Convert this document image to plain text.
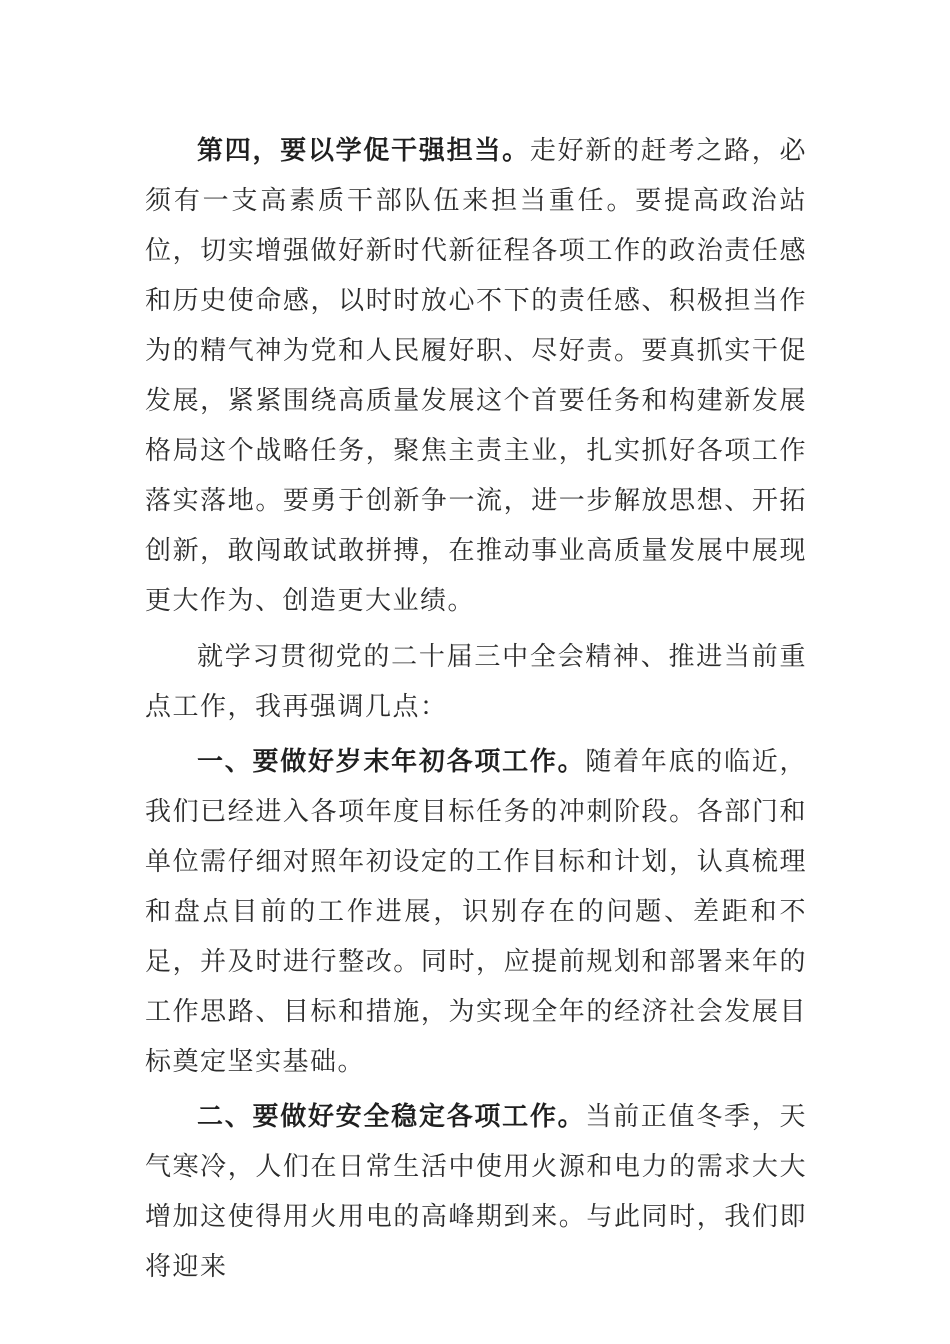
第四，要以学促干强担当。走好新的赶考之路，必须有一支高素质干部队伍来担当重任。要提高政治站位，切实增强做好新时代新征程各项工作的政治责任感和历史使命感，以时时放心不下的责任感、积极担当作为的精气神为党和人民履好职、尽好责。要真抓实干促发展，紧紧围绕高质量发展这个首要任务和构建新发展格局这个战略任务，聚焦主责主业，扎实抓好各项工作落实落地。要勇于创新争一流，进一步解放思想、开拓创新，敢闯敢试敢拼搏，在推动事业高质量发展中展现更大作为、创造更大业绩。

就学习贯彻党的二十届三中全会精神、推进当前重点工作，我再强调几点：

一、要做好岁末年初各项工作。随着年底的临近，我们已经进入各项年度目标任务的冲刺阶段。各部门和单位需仔细对照年初设定的工作目标和计划，认真梳理和盘点目前的工作进展，识别存在的问题、差距和不足，并及时进行整改。同时，应提前规划和部署来年的工作思路、目标和措施，为实现全年的经济社会发展目标奠定坚实基础。

二、要做好安全稳定各项工作。当前正值冬季，天气寒冷，人们在日常生活中使用火源和电力的需求大大增加这使得用火用电的高峰期到来。与此同时，我们即将迎来
